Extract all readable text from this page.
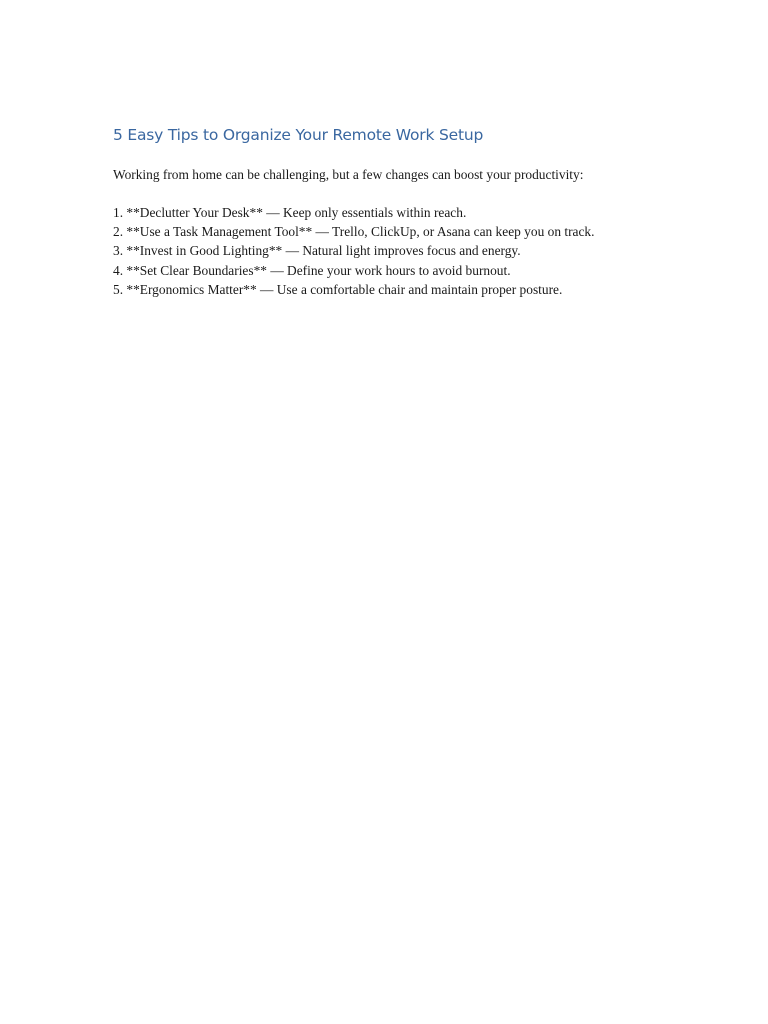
5 Easy Tips to Organize Your Remote Work Setup

Working from home can be challenging, but a few changes can boost your productivity:

1. **Declutter Your Desk** — Keep only essentials within reach.
2. **Use a Task Management Tool** — Trello, ClickUp, or Asana can keep you on track.
3. **Invest in Good Lighting** — Natural light improves focus and energy.
4. **Set Clear Boundaries** — Define your work hours to avoid burnout.
5. **Ergonomics Matter** — Use a comfortable chair and maintain proper posture.
